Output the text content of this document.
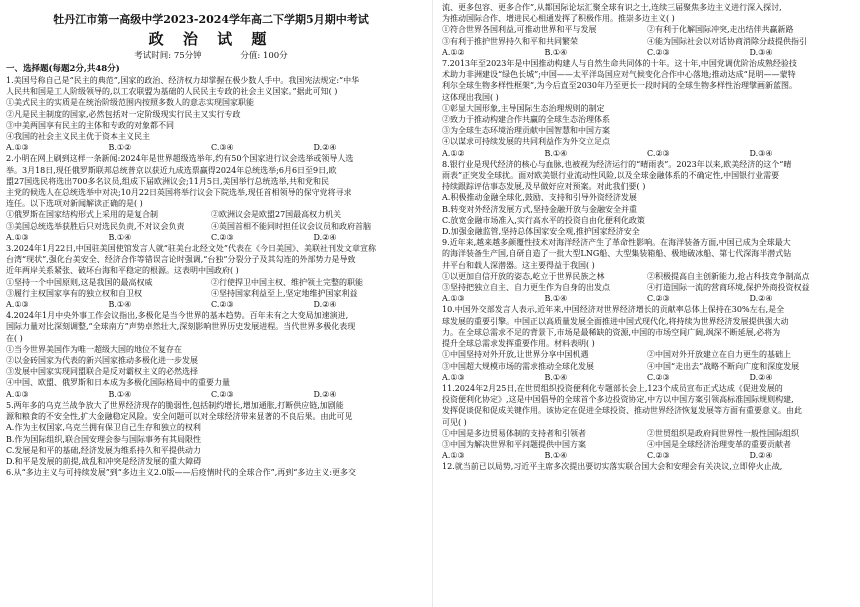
牡丹江市第一高级中学2023-2024学年高二下学期5月期中考试
政 治 试 题
考试时间: 75分钟	分值: 100分
一、选择题(每题2分,共48分)

1.美国号称自己是“民主的典范”,国家的政治、经济权力却掌握在极少数人手中。我国宪法规定:“中华

人民共和国是工人阶级领导的,以工农联盟为基础的人民民主专政的社会主义国家。”据此可知( )

①美式民主的实质是在统治阶级范围内按照多数人的意志实现国家职能

②凡是民主制度的国家,必然包括对一定阶级现实行民主又实行专政

③中美两国享有民主的主体和专政的对象都不同

④我国的社会主义民主优于资本主义民主

A.①③	B.①②	C.③④	D.②④

2.小明在网上刷到这样一条新闻:2024年是世界超级选举年,约有50个国家进行议会选举或领导人选

举。3月18日,现任俄罗斯联邦总统普京以获近九成选票赢得2024年总统选举;6月6日至9日,欧

盟27国选民将选出700多名议员,组成下届欧洲议会;11月5日,美国举行总统选举,共和党和民

主党的候选人在总统选举中对决;10月22日英国将举行议会下院选举,现任首相领导的保守党将寻求

连任。以下选项对新闻解读正确的是( )

①俄罗斯在国家结构形式上采用的是复合制	②欧洲议会是欧盟27国最高权力机关
③美国总统选举获胜后只对选民负责,不对议会负责	④英国首相不能同时担任议会议员和政府首脑
A.①③	B.①④	C.②③	D.②④

3.2024年1月22日,中国驻美国使馆发言人就“驻美台北经文处”代表在《今日美国》、美联社刊发文章宣称

台湾“现状”,强化台美安全、经济合作等错误言论时强调,“台独”分裂分子及其勾连的外部势力是导致

近年两岸关系紧张、破坏台海和平稳定的根源。这表明中国政府( )

①坚持一个中国原则,这是我国的最高权威	②行使捍卫中国主权、维护领土完整的职能
③履行主权国家享有的独立权和自卫权	④坚持国家利益至上,坚定地维护国家利益
A.①③	B.①④	C.②③	D.②④

4.2024年1月中央外事工作会议指出,多极化是当今世界的基本趋势。百年未有之大变局加速演进,

国际力量对比深刻调整,“全球南方”声势卓然壮大,深刻影响世界历史发展进程。当代世界多极化表现

在( )

①当今世界美国作为唯一超级大国的地位不复存在

②以金砖国家为代表的新兴国家推动多极化进一步发展

③发展中国家实现同盟联合是反对霸权主义的必然选择

④中国、欧盟、俄罗斯和日本成为多极化国际格局中的重要力量

A.①③	B.①④	C.②③	D.②④

5.两年多的乌克兰战争放大了世界经济现存的脆弱性,包括制约增长,增加通胀,打断供应链,加剧能

源和粮食的不安全性,扩大金融稳定风险。安全问题可以对全球经济带来显著的不良后果。由此可见

A.作为主权国家,乌克兰拥有保卫自己生存和独立的权利

B.作为国际组织,联合国安理会参与国际事务有其局限性

C.发展是和平的基础,经济发展为维系持久和平提供动力

D.和平是发展的前提,战乱和冲突是经济发展的重大障碍

6.从“多边主义与可持续发展”到“多边主义2.0版——后疫情时代的全球合作”,再到“多边主义:更多交

流、更多包容、更多合作”,从都国际论坛汇聚全球有识之士,连续三届聚焦多边主义进行深入探讨,

为推动国际合作、增进民心相通发挥了积极作用。推崇多边主义( )

①符合世界各国利益,可推动世界和平与发展	②有利于化解国际冲突,走出结伴共赢新路
③有利于推护世界持久和平和共同繁荣	④能为国际社会以对话协商消除分歧提供指引
A.①②	B.①④	C.②③	D.③④

7.2013年至2023年是中国推动构建人与自然生命共同体的十年。这十年,中国党调优阶治成熟经验技

术助力非洲建设“绿色长城”;中国——太平洋岛国应对气候变化合作中心落地;推动达成“昆明——蒙特

利尔全球生物多样性框架”,为今后直至2030年乃至更长一段时间的全球生物多样性治理擘画新蓝图。

这体现出我国( )

①彰显大国形象,主导国际生态治理规则的制定

②致力于推动构建合作共赢的全球生态治理体系

③为全球生态环境治理贡献中国智慧和中国方案

④以谋求可持续发展的共同利益作为外交立足点

A.①②	B.①④	C.②③	D.③④

8.银行业是现代经济的核心与血脉,也被视为经济运行的“晴雨表”。2023年以来,欧美经济的这个“晴

雨表”正突发全球扰。面对欧美银行业流动性风险,以及全球金融体系的不确定性,中国银行业需要

持续跟踪评估事态发展,及早做好应对预案。对此我们要( )

A.积极推动金融全球化,鼓励、支持和引导外资经济发展

B.转变对外经济发展方式,坚持金融开放与金融安全并重

C.放宽金融市场准入,实行高水平的投资自由化便利化政策

D.加强金融监管,坚持总体国家安全观,推护国家经济安全

9.近年来,越来越多颜覆性技术对海洋经济产生了革命性影响。在海洋装备方面,中国已成为全球最大

的海洋装备生产国,自研自造了一批大型LNG船、大型集装箱船、极地破冰船、第七代深海半潜式钻

井平台和载人深潜器。这主要得益于我国( )

①以更加自信开放的姿态,屹立于世界民族之林	②积极提高自主创新能力,抢占科技竞争制高点
③坚持把独立自主、自力更生作为自身的出发点	④打造国际一流的营商环境,保护外商投资权益
A.①③	B.①④	C.②③	D.②④

10.中国外交部发言人表示,近年来,中国经济对世界经济增长的贡献率总体上保持在30%左右,是全

球发展的重要引擎。中国正以高质量发展全面推进中国式现代化,将持续为世界经济发展提供强大动

力。在全球总需求不足的背景下,市场是最稀缺的资源,中国的市场空间广阔,飒深不断延展,必将为

提升全球总需求发挥重要作用。材料表明( )

①中国坚持对外开放,让世界分享中国机遇	②中国对外开放建立在自力更生的基础上
③中国超大规模市场的需求推动全球化发展	④中国“走出去”战略不断向广度和深度发展
A.①③	B.①④	C.②③	D.②④

11.2024年2月25日,在世贸组织投资便利化专题部长会上,123个成员宣布正式达成《促进发展的

投资便利化协定》,这是中国倡导的全球首个多边投资协定,中方以中国方案引领高标准国际规则构建,

发挥促谈促和促成关键作用。该协定在促进全球投资、推动世界经济恢复发展等方面有重要意义。由此

可见( )

①中国是多边贸易体制的支持者和引领者	②世贸组织是政府间世界性一般性国际组织
③中国为解决世界和平问题提供中国方案	④中国是全球经济治理变革的重要贡献者
A.①③	B.①④	C.②③	D.②④

12.就当前已以局势,习近平主席多次提出要切实落实联合国大会和安理会有关决议,立即停火止战,
